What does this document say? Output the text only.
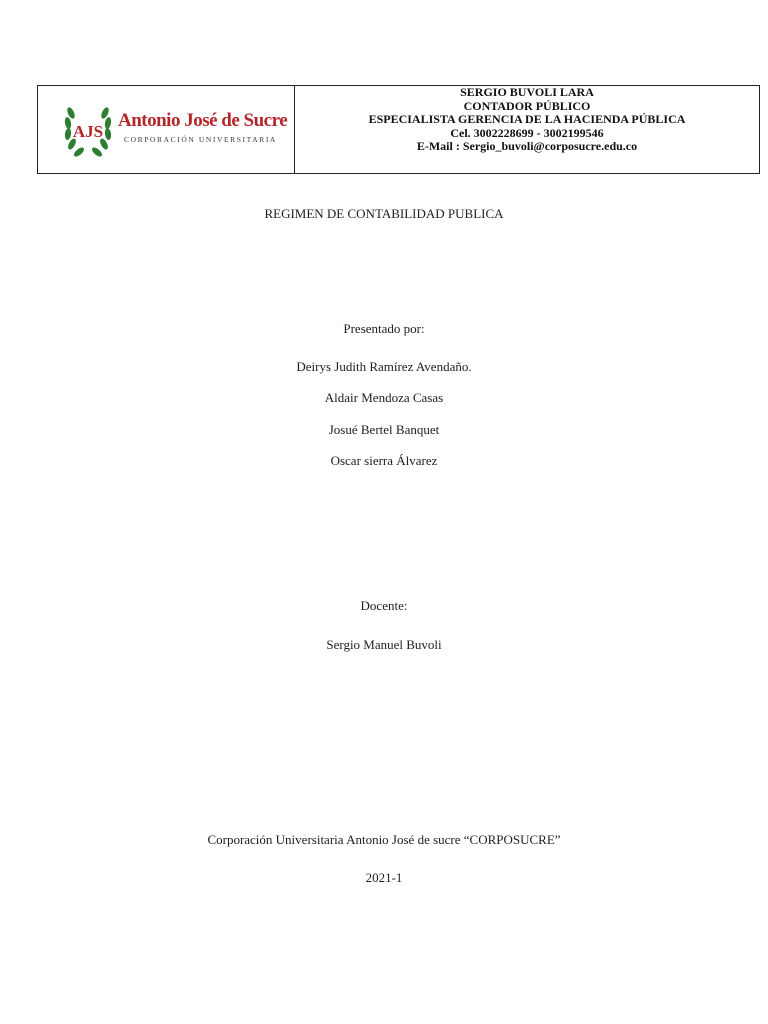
AJS
Antonio José de Sucre
CORPORACIÓN UNIVERSITARIA
SERGIO BUVOLI LARA
CONTADOR PÚBLICO
ESPECIALISTA GERENCIA DE LA HACIENDA PÚBLICA
Cel. 3002228699 - 3002199546
E-Mail : Sergio_buvoli@corposucre.edu.co
REGIMEN DE CONTABILIDAD PUBLICA
Presentado por:
Deirys Judith Ramírez Avendaño.
Aldair Mendoza Casas
Josué Bertel Banquet
Oscar sierra Álvarez
Docente:
Sergio Manuel Buvoli
Corporación Universitaria Antonio José de sucre “CORPOSUCRE”
2021-1
